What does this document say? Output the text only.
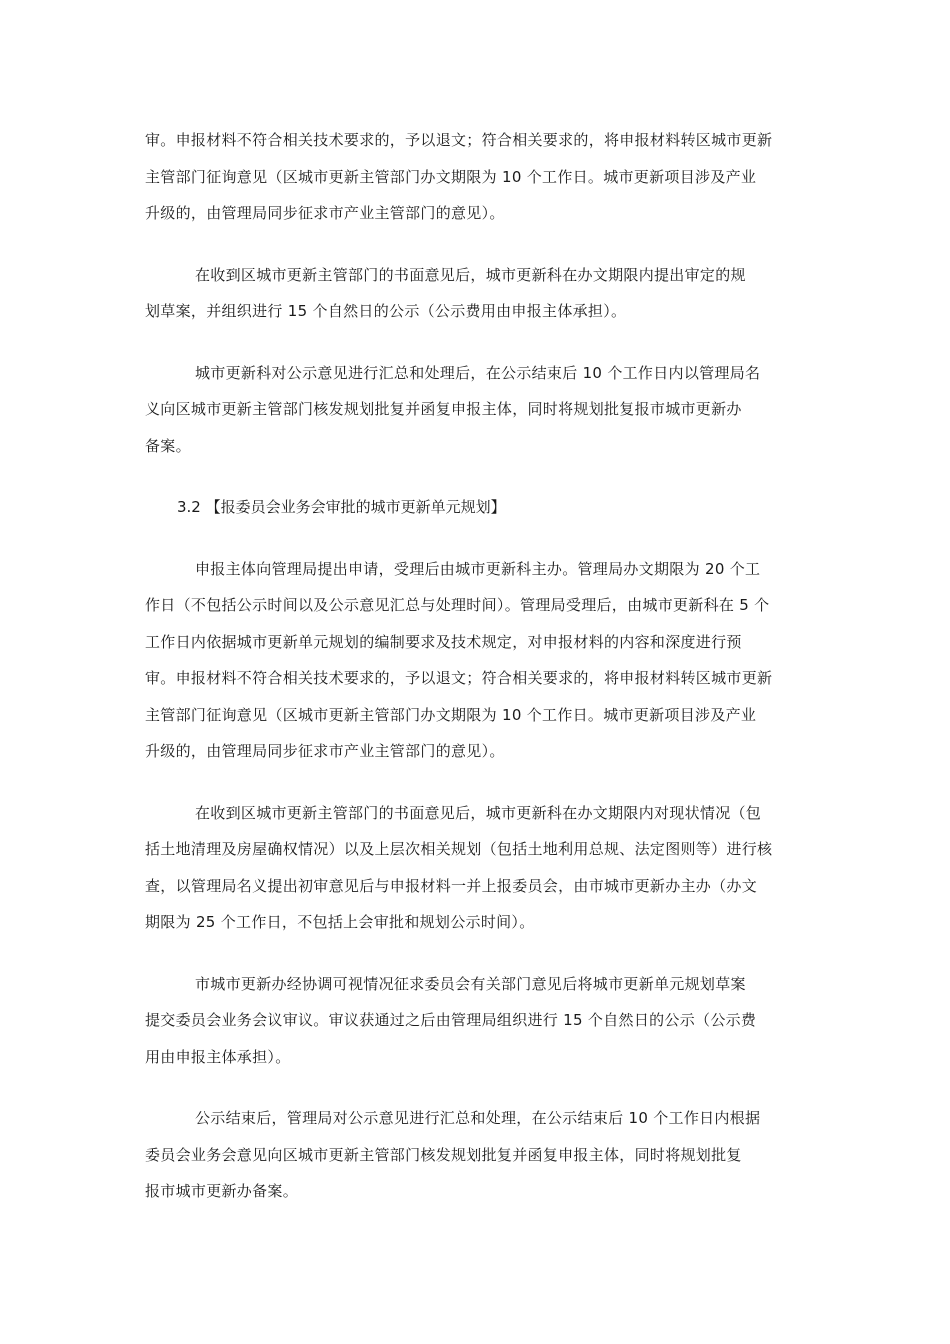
审。申报材料不符合相关技术要求的，予以退文；符合相关要求的，将申报材料转区城市更新
主管部门征询意见（区城市更新主管部门办文期限为 10 个工作日。城市更新项目涉及产业
升级的，由管理局同步征求市产业主管部门的意见）。
在收到区城市更新主管部门的书面意见后，城市更新科在办文期限内提出审定的规
划草案，并组织进行 15 个自然日的公示（公示费用由申报主体承担）。
城市更新科对公示意见进行汇总和处理后，在公示结束后 10 个工作日内以管理局名
义向区城市更新主管部门核发规划批复并函复申报主体，同时将规划批复报市城市更新办
备案。
3.2 【报委员会业务会审批的城市更新单元规划】
申报主体向管理局提出申请，受理后由城市更新科主办。管理局办文期限为 20 个工
作日（不包括公示时间以及公示意见汇总与处理时间）。管理局受理后，由城市更新科在 5 个
工作日内依据城市更新单元规划的编制要求及技术规定，对申报材料的内容和深度进行预
审。申报材料不符合相关技术要求的，予以退文；符合相关要求的，将申报材料转区城市更新
主管部门征询意见（区城市更新主管部门办文期限为 10 个工作日。城市更新项目涉及产业
升级的，由管理局同步征求市产业主管部门的意见）。
在收到区城市更新主管部门的书面意见后，城市更新科在办文期限内对现状情况（包
括土地清理及房屋确权情况）以及上层次相关规划（包括土地利用总规、法定图则等）进行核
查，以管理局名义提出初审意见后与申报材料一并上报委员会，由市城市更新办主办（办文
期限为 25 个工作日，不包括上会审批和规划公示时间）。
市城市更新办经协调可视情况征求委员会有关部门意见后将城市更新单元规划草案
提交委员会业务会议审议。审议获通过之后由管理局组织进行 15 个自然日的公示（公示费
用由申报主体承担）。
公示结束后，管理局对公示意见进行汇总和处理，在公示结束后 10 个工作日内根据
委员会业务会意见向区城市更新主管部门核发规划批复并函复申报主体，同时将规划批复
报市城市更新办备案。
